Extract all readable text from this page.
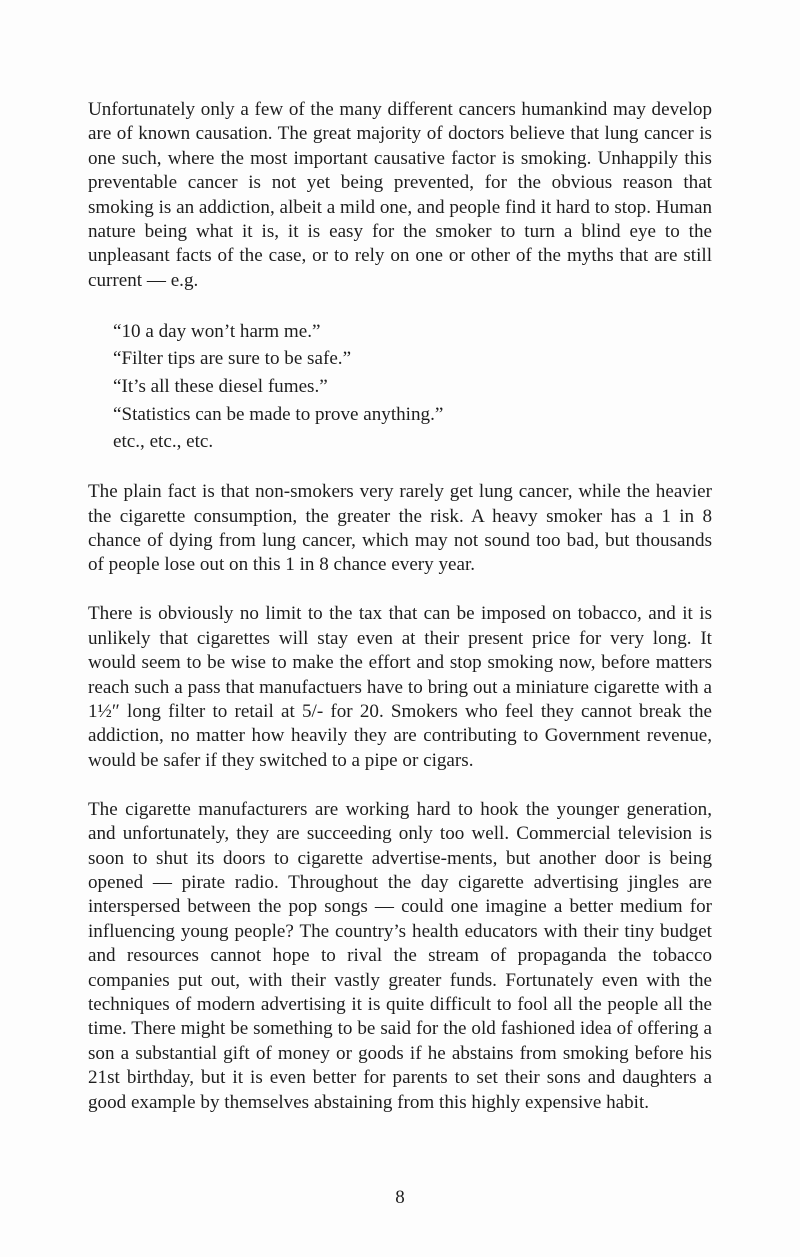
Unfortunately only a few of the many different cancers humankind may develop are of known causation. The great majority of doctors believe that lung cancer is one such, where the most important causative factor is smoking. Unhappily this preventable cancer is not yet being prevented, for the obvious reason that smoking is an addiction, albeit a mild one, and people find it hard to stop. Human nature being what it is, it is easy for the smoker to turn a blind eye to the unpleasant facts of the case, or to rely on one or other of the myths that are still current — e.g.

“10 a day won’t harm me.”
“Filter tips are sure to be safe.”
“It’s all these diesel fumes.”
“Statistics can be made to prove anything.”
etc., etc., etc.

The plain fact is that non-smokers very rarely get lung cancer, while the heavier the cigarette consumption, the greater the risk. A heavy smoker has a 1 in 8 chance of dying from lung cancer, which may not sound too bad, but thousands of people lose out on this 1 in 8 chance every year.

There is obviously no limit to the tax that can be imposed on tobacco, and it is unlikely that cigarettes will stay even at their present price for very long. It would seem to be wise to make the effort and stop smoking now, before matters reach such a pass that manufactuers have to bring out a miniature cigarette with a 1½″ long filter to retail at 5/- for 20. Smokers who feel they cannot break the addiction, no matter how heavily they are contributing to Government revenue, would be safer if they switched to a pipe or cigars.

The cigarette manufacturers are working hard to hook the younger generation, and unfortunately, they are succeeding only too well. Commercial television is soon to shut its doors to cigarette advertise-ments, but another door is being opened — pirate radio. Throughout the day cigarette advertising jingles are interspersed between the pop songs — could one imagine a better medium for influencing young people? The country’s health educators with their tiny budget and resources cannot hope to rival the stream of propaganda the tobacco companies put out, with their vastly greater funds. Fortunately even with the techniques of modern advertising it is quite difficult to fool all the people all the time. There might be something to be said for the old fashioned idea of offering a son a substantial gift of money or goods if he abstains from smoking before his 21st birthday, but it is even better for parents to set their sons and daughters a good example by themselves abstaining from this highly expensive habit.

8
